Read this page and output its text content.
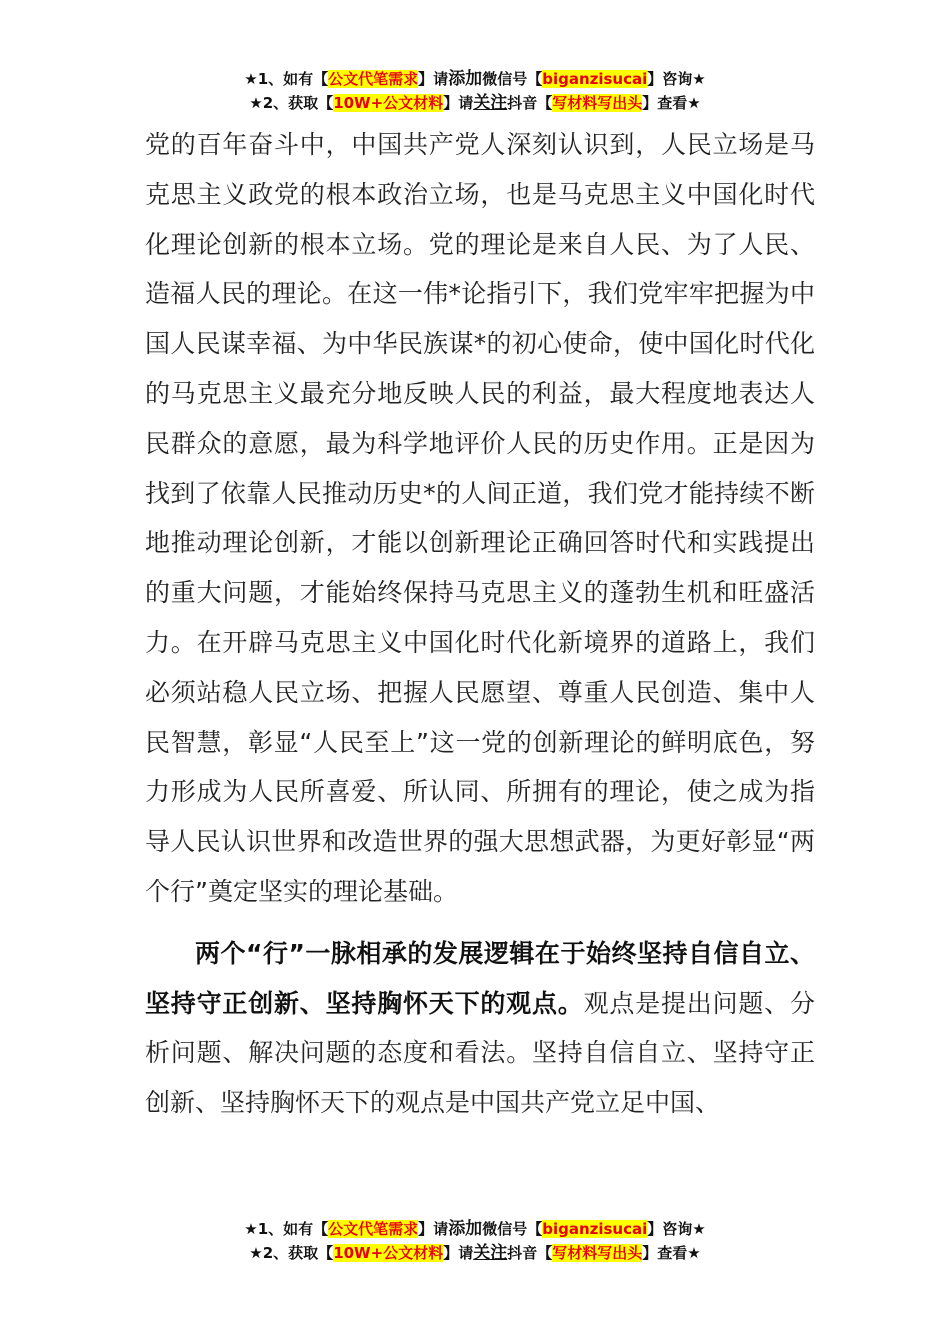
★1、如有【公文代笔需求】请添加微信号【biganzisucai】咨询★
★2、获取【10W+公文材料】请关注抖音【写材料写出头】查看★

党的百年奋斗中，中国共产党人深刻认识到，人民立场是马克思主义政党的根本政治立场，也是马克思主义中国化时代化理论创新的根本立场。党的理论是来自人民、为了人民、造福人民的理论。在这一伟*论指引下，我们党牢牢把握为中国人民谋幸福、为中华民族谋*的初心使命，使中国化时代化的马克思主义最充分地反映人民的利益，最大程度地表达人民群众的意愿，最为科学地评价人民的历史作用。正是因为找到了依靠人民推动历史*的人间正道，我们党才能持续不断地推动理论创新，才能以创新理论正确回答时代和实践提出的重大问题，才能始终保持马克思主义的蓬勃生机和旺盛活力。在开辟马克思主义中国化时代化新境界的道路上，我们必须站稳人民立场、把握人民愿望、尊重人民创造、集中人民智慧，彰显“人民至上”这一党的创新理论的鲜明底色，努力形成为人民所喜爱、所认同、所拥有的理论，使之成为指导人民认识世界和改造世界的强大思想武器，为更好彰显“两个行”奠定坚实的理论基础。

两个“行”一脉相承的发展逻辑在于始终坚持自信自立、坚持守正创新、坚持胸怀天下的观点。观点是提出问题、分析问题、解决问题的态度和看法。坚持自信自立、坚持守正创新、坚持胸怀天下的观点是中国共产党立足中国、

★1、如有【公文代笔需求】请添加微信号【biganzisucai】咨询★
★2、获取【10W+公文材料】请关注抖音【写材料写出头】查看★
